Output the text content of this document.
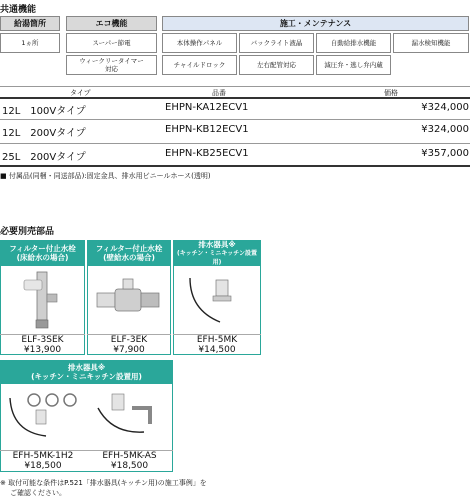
共通機能
給湯箇所	エコ機能	施工・メンテナンス
1ヵ所	スーパー節電
ウィークリータイマー
対応
本体操作パネル	バックライト液晶	自動給排水機能	漏水検知機能
チャイルドロック	左右配管対応	減圧弁・逃し弁内蔵
タイプ	品番	価格
12L　100Vタイプ	EHPN-KA12ECV1	¥324,000
12L　200Vタイプ	EHPN-KB12ECV1	¥324,000
25L　200Vタイプ	EHPN-KB25ECV1	¥357,000
■ 付属品(同梱・同送部品):固定金具、排水用ビニールホース(透明)
必要別売部品
フィルター付止水栓
(床給水の場合)
ELF-3SEK
¥13,900
フィルター付止水栓
(壁給水の場合)
ELF-3EK
¥7,900
排水器具※
(キッチン・ミニキッチン設置用)
EFH-5MK
¥14,500
排水器具※
(キッチン・ミニキッチン設置用)
EFH-5MK-1H2
¥18,500
EFH-5MK-AS
¥18,500
※ 取付可能な条件はP.521「排水器具(キッチン用)の施工事例」を
ご確認ください。
